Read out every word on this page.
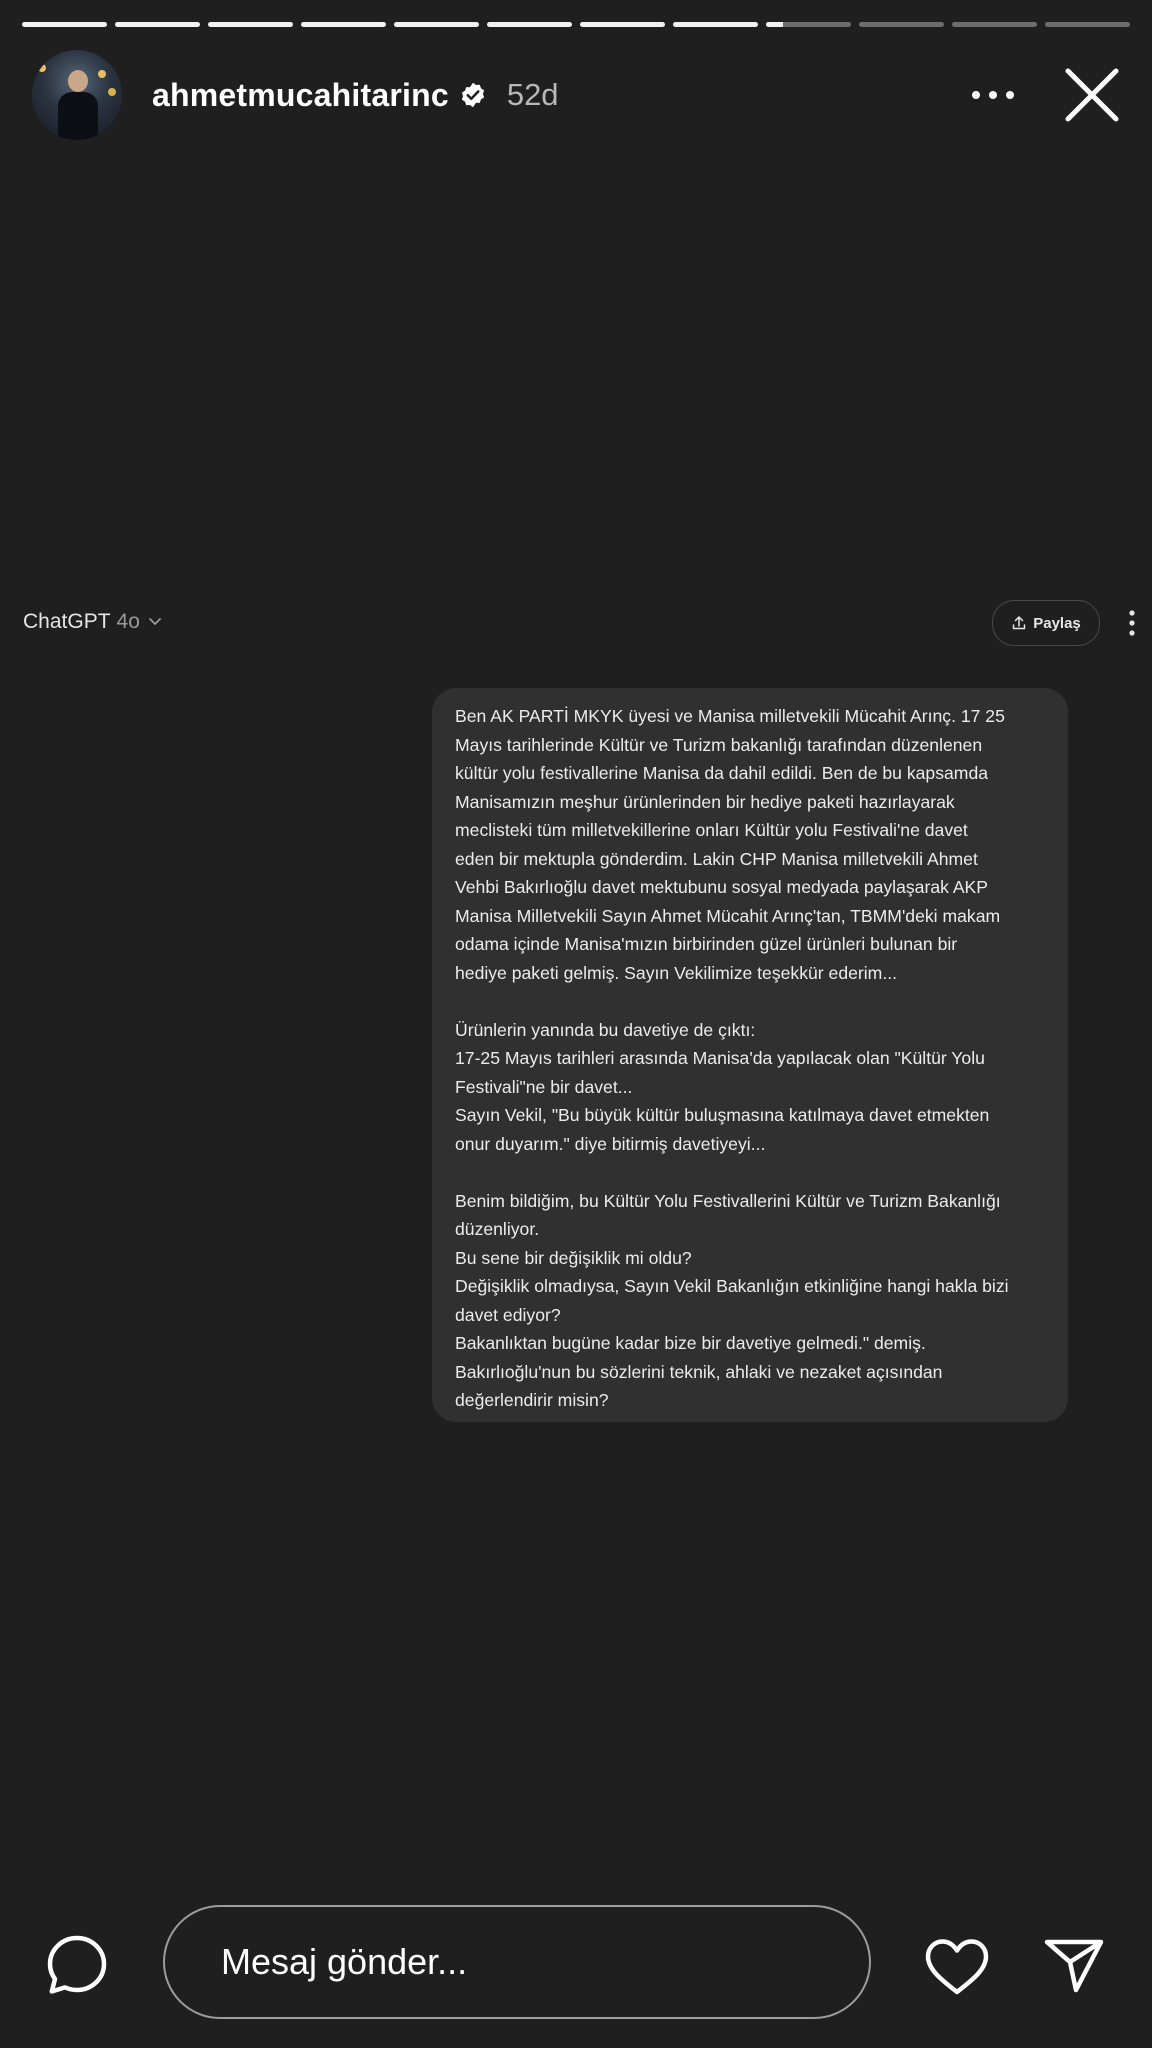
ahmetmucahitarinc 52d
ChatGPT 4o	Paylaş

Ben AK PARTİ MKYK üyesi ve Manisa milletvekili Mücahit Arınç. 17 25

Mayıs tarihlerinde Kültür ve Turizm bakanlığı tarafından düzenlenen

kültür yolu festivallerine Manisa da dahil edildi. Ben de bu kapsamda

Manisamızın meşhur ürünlerinden bir hediye paketi hazırlayarak

meclisteki tüm milletvekillerine onları Kültür yolu Festivali'ne davet

eden bir mektupla gönderdim. Lakin CHP Manisa milletvekili Ahmet

Vehbi Bakırlıoğlu davet mektubunu sosyal medyada paylaşarak AKP

Manisa Milletvekili Sayın Ahmet Mücahit Arınç'tan, TBMM'deki makam

odama içinde Manisa'mızın birbirinden güzel ürünleri bulunan bir

hediye paketi gelmiş. Sayın Vekilimize teşekkür ederim...

Ürünlerin yanında bu davetiye de çıktı:

17-25 Mayıs tarihleri arasında Manisa'da yapılacak olan "Kültür Yolu

Festivali"ne bir davet...

Sayın Vekil, "Bu büyük kültür buluşmasına katılmaya davet etmekten

onur duyarım." diye bitirmiş davetiyeyi...

Benim bildiğim, bu Kültür Yolu Festivallerini Kültür ve Turizm Bakanlığı

düzenliyor.

Bu sene bir değişiklik mi oldu?

Değişiklik olmadıysa, Sayın Vekil Bakanlığın etkinliğine hangi hakla bizi

davet ediyor?

Bakanlıktan bugüne kadar bize bir davetiye gelmedi." demiş.

Bakırlıoğlu'nun bu sözlerini teknik, ahlaki ve nezaket açısından

değerlendirir misin?

Mesaj gönder...
